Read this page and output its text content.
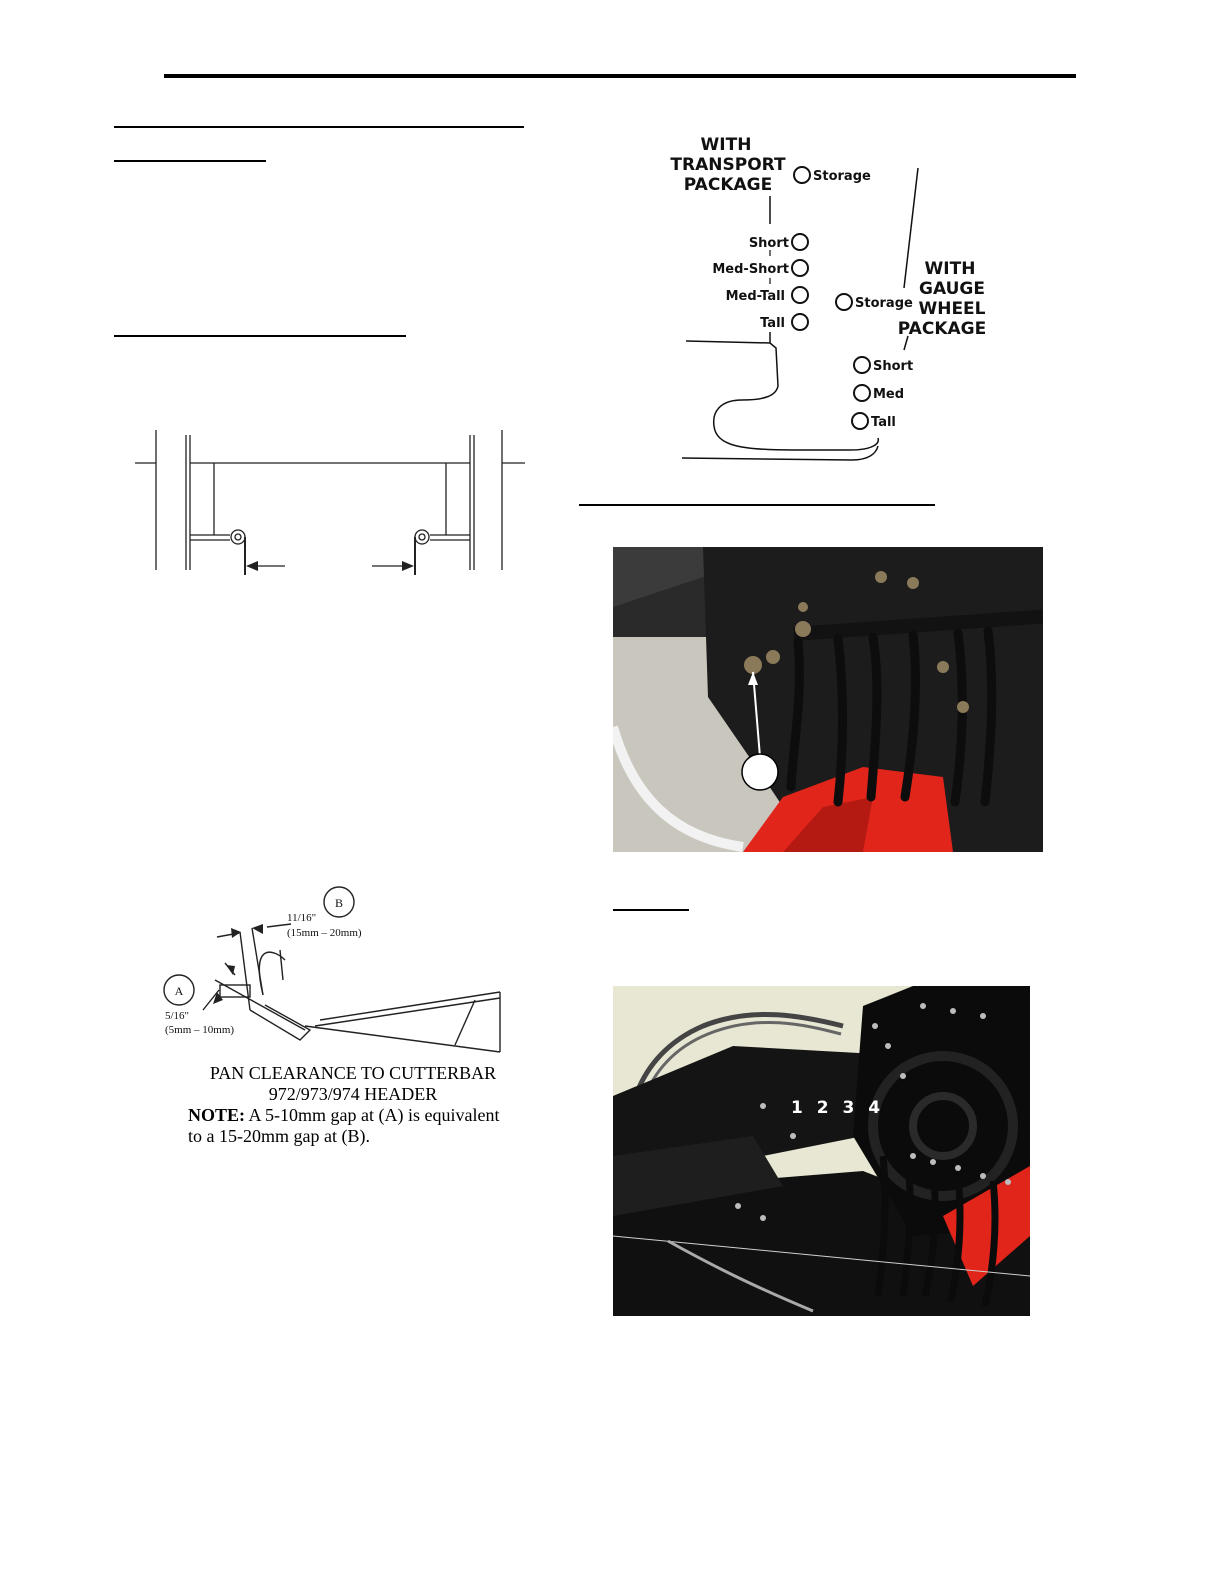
B
A
11/16"
(15mm – 20mm)
5/16"
(5mm – 10mm)
PAN CLEARANCE TO CUTTERBAR
972/973/974 HEADER
NOTE: A 5-10mm gap at (A) is equivalent
to a 15-20mm gap at (B).
WITH
TRANSPORT
PACKAGE
WITH
GAUGE
WHEEL
PACKAGE
Storage
Short
Med-Short
Med-Tall
Tall
Storage
Short
Med
Tall
1 2 3 4
